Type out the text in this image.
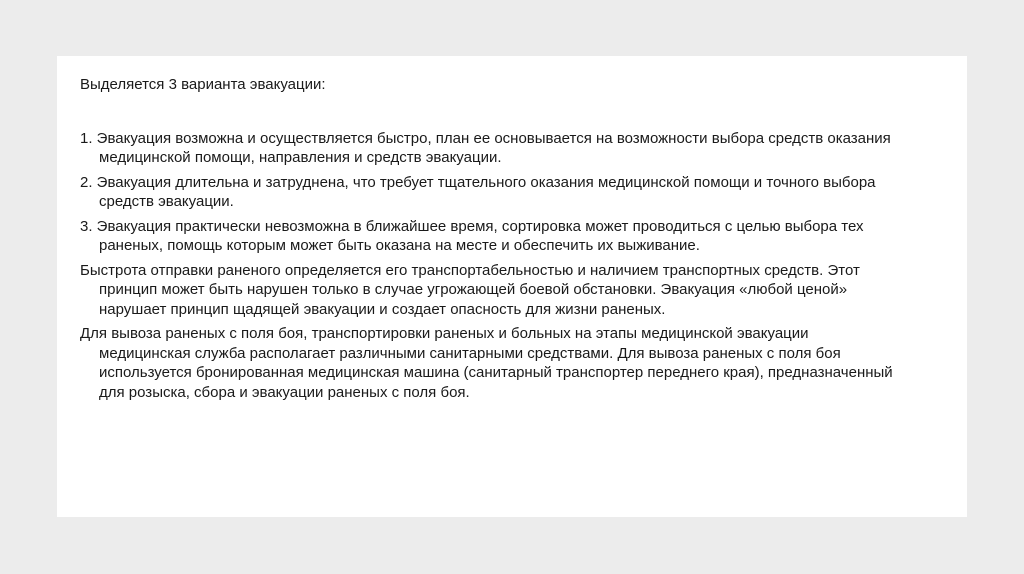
Выделяется 3 варианта эвакуации:

1. Эвакуация возможна и осуществляется быстро, план ее основывается на возможности выбора средств оказания медицинской помощи, направления и средств эвакуации.

2. Эвакуация длительна и затруднена, что требует тщательного оказания медицинской помощи и точного выбора средств эвакуации.

3. Эвакуация практически невозможна в ближайшее время, сортировка может проводиться с целью выбора тех раненых, помощь которым может быть оказана на месте и обеспечить их выживание.

Быстрота отправки раненого определяется его транспортабельностью и наличием транспортных средств. Этот принцип может быть нарушен только в случае угрожающей боевой обстановки. Эвакуация «любой ценой» нарушает принцип щадящей эвакуации и создает опасность для жизни раненых.

Для вывоза раненых с поля боя, транспортировки раненых и больных на этапы медицинской эвакуации медицинская служба располагает различными санитарными средствами. Для вывоза раненых с поля боя используется бронированная медицинская машина (санитарный транспортер переднего края), предназначенный для розыска, сбора и эвакуации раненых с поля боя.
